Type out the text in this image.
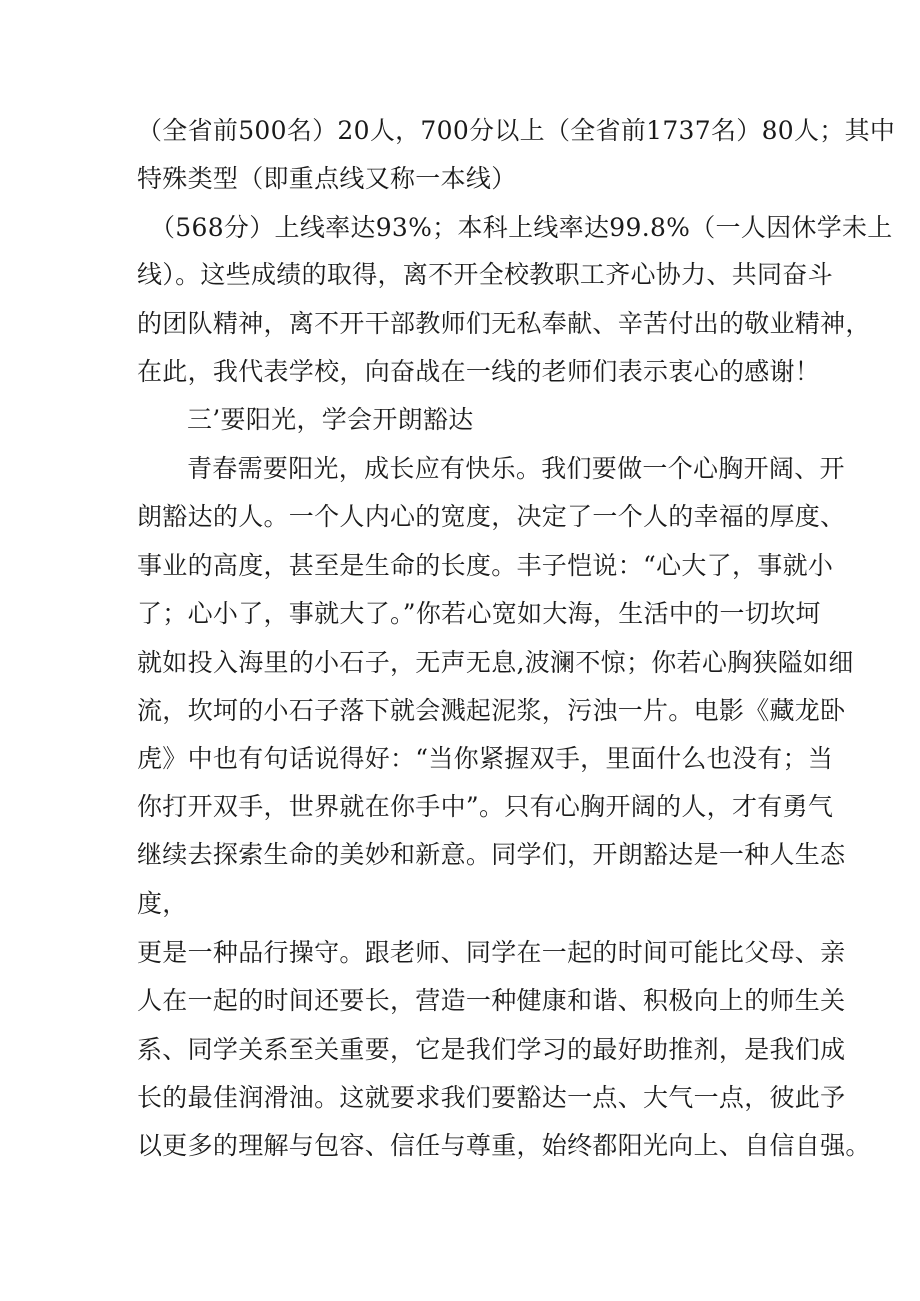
（全省前500名）20人，700分以上（全省前1737名）80人；其中
特殊类型（即重点线又称一本线）
（568分）上线率达93%；本科上线率达99.8%（一人因休学未上
线）。这些成绩的取得，离不开全校教职工齐心协力、共同奋斗
的团队精神，离不开干部教师们无私奉献、辛苦付出的敬业精神，
在此，我代表学校，向奋战在一线的老师们表示衷心的感谢！
三’要阳光，学会开朗豁达
青春需要阳光，成长应有快乐。我们要做一个心胸开阔、开
朗豁达的人。一个人内心的宽度，决定了一个人的幸福的厚度、
事业的高度，甚至是生命的长度。丰子恺说：“心大了，事就小
了；心小了，事就大了。”你若心宽如大海，生活中的一切坎坷
就如投入海里的小石子，无声无息,波澜不惊；你若心胸狭隘如细
流，坎坷的小石子落下就会溅起泥浆，污浊一片。电影《藏龙卧
虎》中也有句话说得好：“当你紧握双手，里面什么也没有；当
你打开双手，世界就在你手中”。只有心胸开阔的人，才有勇气
继续去探索生命的美妙和新意。同学们，开朗豁达是一种人生态
度，
更是一种品行操守。跟老师、同学在一起的时间可能比父母、亲
人在一起的时间还要长，营造一种健康和谐、积极向上的师生关
系、同学关系至关重要，它是我们学习的最好助推剂，是我们成
长的最佳润滑油。这就要求我们要豁达一点、大气一点，彼此予
以更多的理解与包容、信任与尊重，始终都阳光向上、自信自强。
